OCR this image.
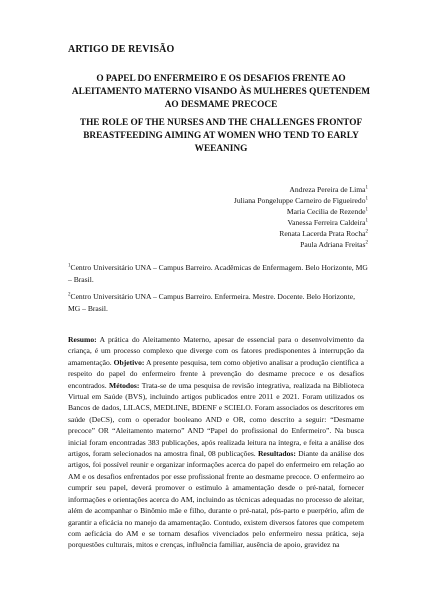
ARTIGO DE REVISÃO
O PAPEL DO ENFERMEIRO E OS DESAFIOS FRENTE AO ALEITAMENTO MATERNO VISANDO ÀS MULHERES QUETENDEM AO DESMAME PRECOCE
THE ROLE OF THE NURSES AND THE CHALLENGES FRONTOF BREASTFEEDING AIMING AT WOMEN WHO TEND TO EARLY WEEANING
Andreza Pereira de Lima$^1$
Juliana Pongeluppe Carneiro de Figueiredo$^1$
Maria Cecilia de Rezende$^1$
Vanessa Ferreira Caldeira$^1$
Renata Lacerda Prata Rocha$^2$
Paula Adriana Freitas$^2$
$^1$Centro Universitário UNA – Campus Barreiro. Acadêmicas de Enfermagem. Belo Horizonte, MG – Brasil.
$^2$Centro Universitário UNA – Campus Barreiro. Enfermeira. Mestre. Docente. Belo Horizonte, MG – Brasil.
Resumo: A prática do Aleitamento Materno, apesar de essencial para o desenvolvimento da criança, é um processo complexo que diverge com os fatores predisponentes à interrupção da amamentação. Objetivo: A presente pesquisa, tem como objetivo analisar a produção científica a respeito do papel do enfermeiro frente à prevenção do desmame precoce e os desafios encontrados. Métodos: Trata-se de uma pesquisa de revisão integrativa, realizada na Biblioteca Virtual em Saúde (BVS), incluindo artigos publicados entre 2011 e 2021. Foram utilizados os Bancos de dados, LILACS, MEDLINE, BDENF e SCIELO. Foram associados os descritores em saúde (DeCS), com o operador booleano AND e OR, como descrito a seguir: “Desmame precoce” OR “Aleitamento materno” AND “Papel do profissional do Enfermeiro”. Na busca inicial foram encontradas 383 publicações, após realizada leitura na íntegra, e feita a análise dos artigos, foram selecionados na amostra final, 08 publicações. Resultados: Diante da análise dos artigos, foi possível reunir e organizar informações acerca do papel do enfermeiro em relação ao AM e os desafios enfrentados por esse profissional frente ao desmame precoce. O enfermeiro ao cumprir seu papel, deverá promover o estímulo à amamentação desde o pré-natal, fornecer informações e orientações acerca do AM, incluindo as técnicas adequadas no processo de aleitar, além de acompanhar o Binômio mãe e filho, durante o pré-natal, pós-parto e puerpério, afim de garantir a eficácia no manejo da amamentação. Contudo, existem diversos fatores que competem com aeficácia do AM e se tornam desafios vivenciados pelo enfermeiro nessa prática, seja porquestões culturais, mitos e crenças, influência familiar, ausência de apoio, gravidez na
